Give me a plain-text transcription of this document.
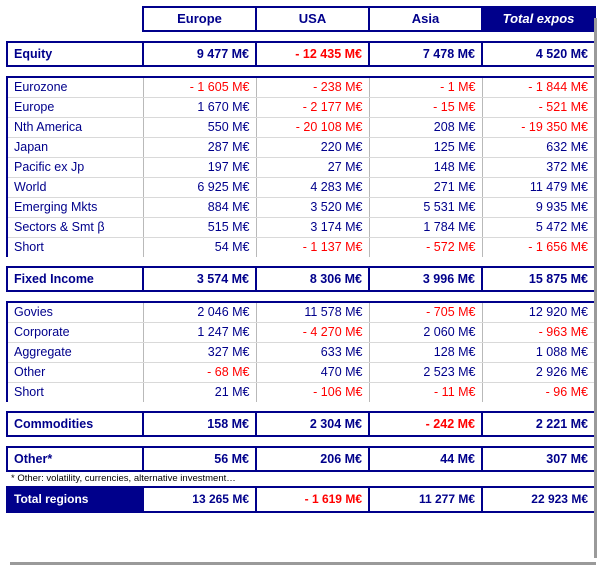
	Europe	USA	Asia	Total expos

Equity	9 477 M€	- 12 435 M€	7 478 M€	4 520 M€

Eurozone	- 1 605 M€	- 238 M€	- 1 M€	- 1 844 M€
Europe	1 670 M€	- 2 177 M€	- 15 M€	- 521 M€
Nth America	550 M€	- 20 108 M€	208 M€	- 19 350 M€
Japan	287 M€	220 M€	125 M€	632 M€
Pacific ex Jp	197 M€	27 M€	148 M€	372 M€
World	6 925 M€	4 283 M€	271 M€	11 479 M€
Emerging Mkts	884 M€	3 520 M€	5 531 M€	9 935 M€
Sectors & Smt β	515 M€	3 174 M€	1 784 M€	5 472 M€
Short	54 M€	- 1 137 M€	- 572 M€	- 1 656 M€

Fixed Income	3 574 M€	8 306 M€	3 996 M€	15 875 M€

Govies	2 046 M€	11 578 M€	- 705 M€	12 920 M€
Corporate	1 247 M€	- 4 270 M€	2 060 M€	- 963 M€
Aggregate	327 M€	633 M€	128 M€	1 088 M€
Other	- 68 M€	470 M€	2 523 M€	2 926 M€
Short	21 M€	- 106 M€	- 11 M€	- 96 M€

Commodities	158 M€	2 304 M€	- 242 M€	2 221 M€

Other*	56 M€	206 M€	44 M€	307 M€
* Other: volatility, currencies, alternative investment…				
Total regions	13 265 M€	- 1 619 M€	11 277 M€	22 923 M€
